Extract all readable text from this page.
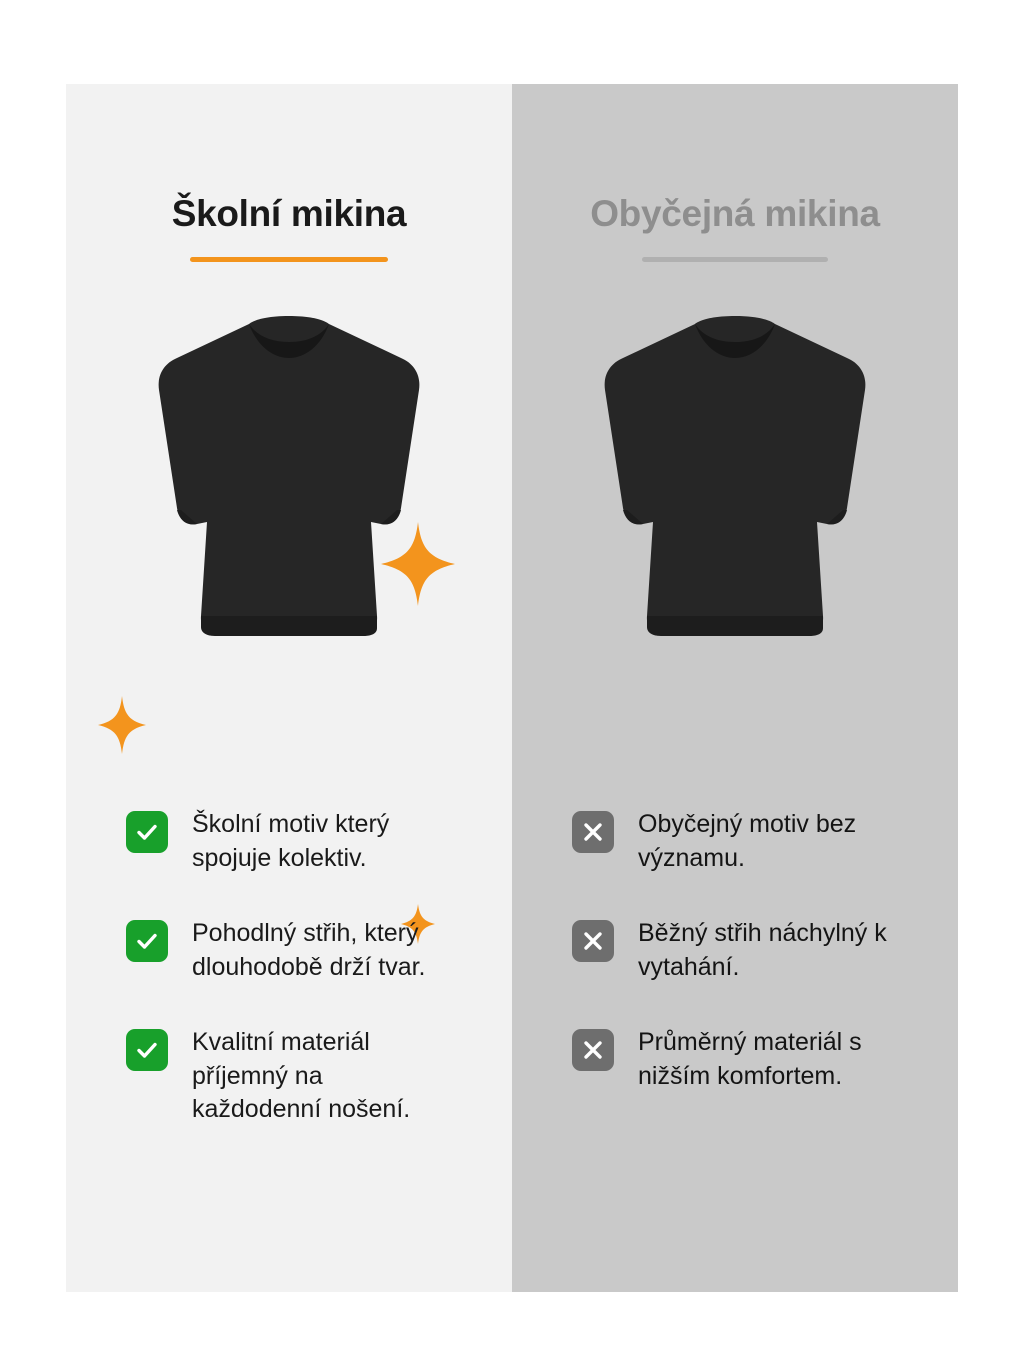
Školní mikina
Školní motiv který spojuje kolektiv.
Pohodlný střih, který dlouhodobě drží tvar.
Kvalitní materiál příjemný na každodenní nošení.
Obyčejná mikina
Obyčejný motiv bez významu.
Běžný střih náchylný k vytahání.
Průměrný materiál s nižším komfortem.
